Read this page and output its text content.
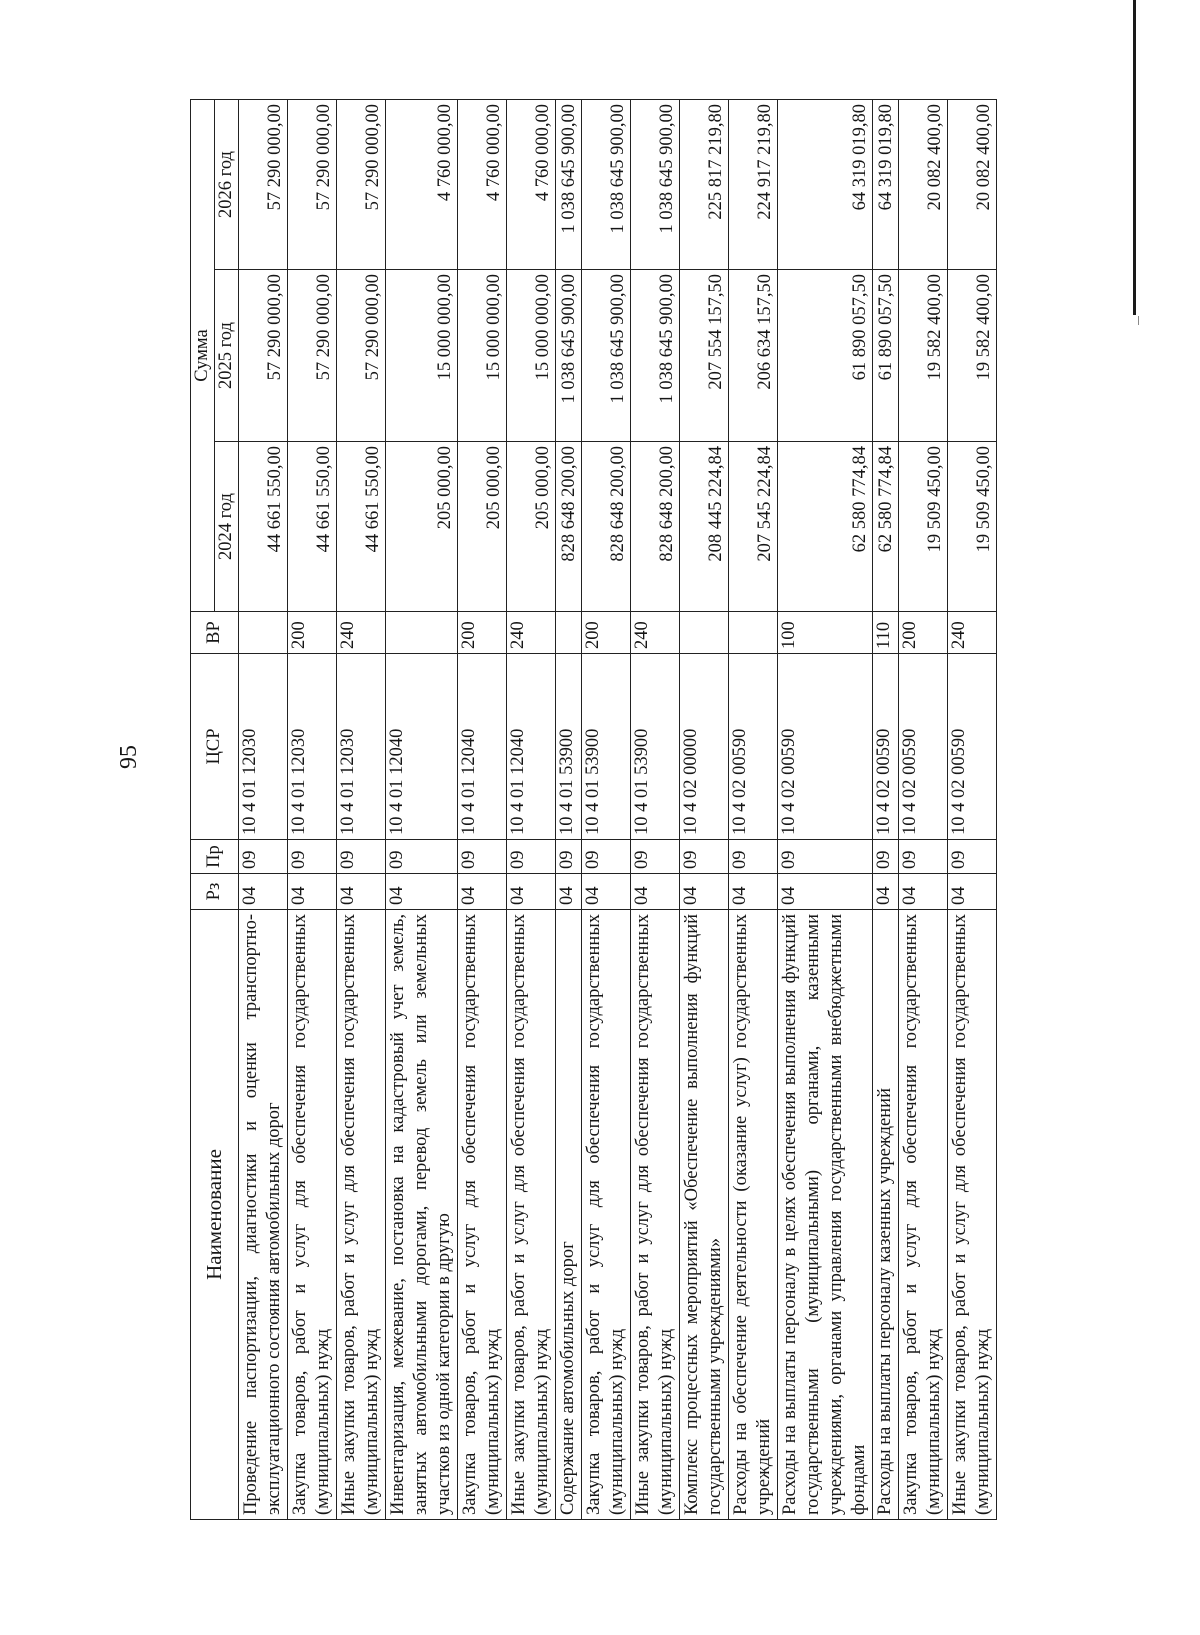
95
Наименование	Рз	Пр	ЦСР	ВР	Сумма		
					2024 год	2025 год	2026 год
Проведение паспортизации, диагностики и оценки транспортно-эксплуатационного состояния автомобильных дорог	04	09	10 4 01 12030		44 661 550,00	57 290 000,00	57 290 000,00
Закупка товаров, работ и услуг для обеспечения государственных (муниципальных) нужд	04	09	10 4 01 12030	200	44 661 550,00	57 290 000,00	57 290 000,00
Иные закупки товаров, работ и услуг для обеспечения государственных (муниципальных) нужд	04	09	10 4 01 12030	240	44 661 550,00	57 290 000,00	57 290 000,00
Инвентаризация, межевание, постановка на кадастровый учет земель, занятых автомобильными дорогами, перевод земель или земельных участков из одной категории в другую	04	09	10 4 01 12040		205 000,00	15 000 000,00	4 760 000,00
Закупка товаров, работ и услуг для обеспечения государственных (муниципальных) нужд	04	09	10 4 01 12040	200	205 000,00	15 000 000,00	4 760 000,00
Иные закупки товаров, работ и услуг для обеспечения государственных (муниципальных) нужд	04	09	10 4 01 12040	240	205 000,00	15 000 000,00	4 760 000,00
Содержание автомобильных дорог	04	09	10 4 01 53900		828 648 200,00	1 038 645 900,00	1 038 645 900,00
Закупка товаров, работ и услуг для обеспечения государственных (муниципальных) нужд	04	09	10 4 01 53900	200	828 648 200,00	1 038 645 900,00	1 038 645 900,00
Иные закупки товаров, работ и услуг для обеспечения государственных (муниципальных) нужд	04	09	10 4 01 53900	240	828 648 200,00	1 038 645 900,00	1 038 645 900,00
Комплекс процессных мероприятий «Обеспечение выполнения функций государственными учреждениями»	04	09	10 4 02 00000		208 445 224,84	207 554 157,50	225 817 219,80
Расходы на обеспечение деятельности (оказание услуг) государственных учреждений	04	09	10 4 02 00590		207 545 224,84	206 634 157,50	224 917 219,80
Расходы на выплаты персоналу в целях обеспечения выполнения функций государственными (муниципальными) органами, казенными учреждениями, органами управления государственными внебюджетными фондами	04	09	10 4 02 00590	100	62 580 774,84	61 890 057,50	64 319 019,80
Расходы на выплаты персоналу казенных учреждений	04	09	10 4 02 00590	110	62 580 774,84	61 890 057,50	64 319 019,80
Закупка товаров, работ и услуг для обеспечения государственных (муниципальных) нужд	04	09	10 4 02 00590	200	19 509 450,00	19 582 400,00	20 082 400,00
Иные закупки товаров, работ и услуг для обеспечения государственных (муниципальных) нужд	04	09	10 4 02 00590	240	19 509 450,00	19 582 400,00	20 082 400,00
